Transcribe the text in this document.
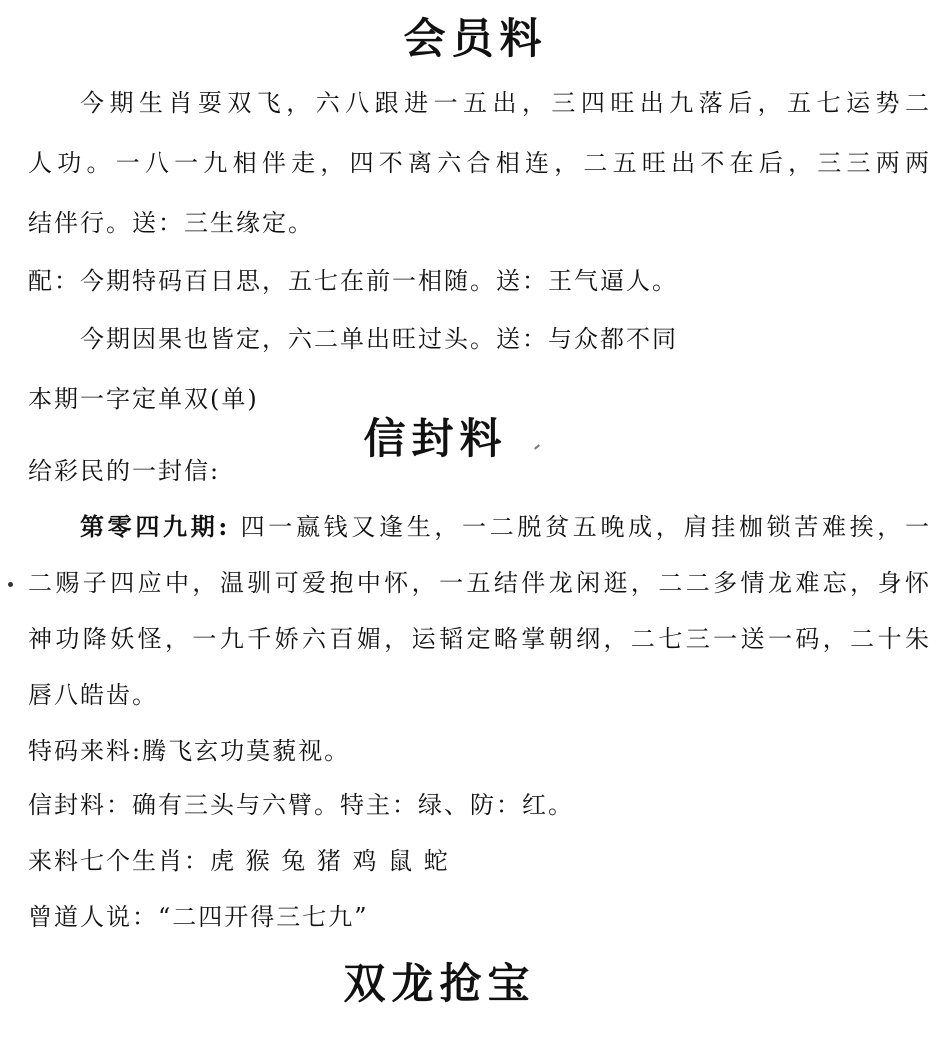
会员料
今期生肖耍双飞，六八跟进一五出，三四旺出九落后，五七运势二
人功。一八一九相伴走，四不离六合相连，二五旺出不在后，三三两两
结伴行。送：三生缘定。
配：今期特码百日思，五七在前一相随。送：王气逼人。
今期因果也皆定，六二单出旺过头。送：与众都不同
本期一字定单双(单)
信封料
给彩民的一封信:
第零四九期: 四一嬴钱又逢生，一二脱贫五晚成，肩挂枷锁苦难挨，一
二赐子四应中，温驯可爱抱中怀，一五结伴龙闲逛，二二多情龙难忘，身怀
神功降妖怪，一九千娇六百媚，运韬定略掌朝纲，二七三一送一码，二十朱
唇八皓齿。
特码来料:腾飞玄功莫藐视。
信封料：确有三头与六臂。特主：绿、防：红。
来料七个生肖：虎 猴 兔 猪 鸡 鼠 蛇
曾道人说：“二四开得三七九”
双龙抢宝
